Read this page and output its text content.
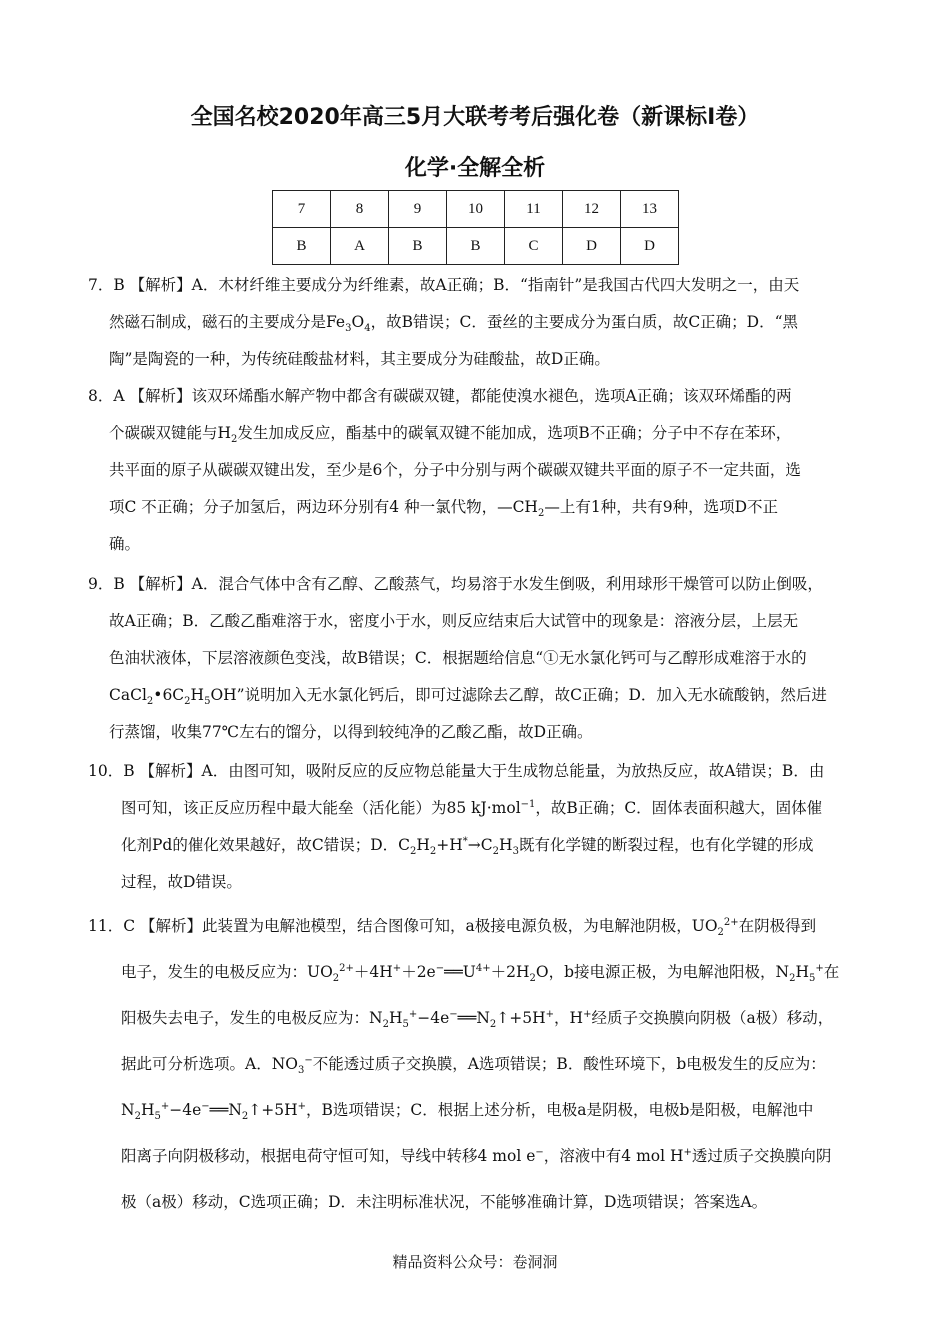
全国名校2020年高三5月大联考考后强化卷（新课标I卷）
化学·全解全析
7	8	9	10	11	12	13
B	A	B	B	C	D	D
7．B 【解析】A．木材纤维主要成分为纤维素，故A正确；B．“指南针”是我国古代四大发明之一，由天
然磁石制成，磁石的主要成分是$Fe_3O_4$，故B错误；C．蚕丝的主要成分为蛋白质，故C正确；D．“黑
陶”是陶瓷的一种，为传统硅酸盐材料，其主要成分为硅酸盐，故D正确。
8．A 【解析】该双环烯酯水解产物中都含有碳碳双键，都能使溴水褪色，选项A正确；该双环烯酯的两
个碳碳双键能与$H_2$发生加成反应，酯基中的碳氧双键不能加成，选项B不正确；分子中不存在苯环，
共平面的原子从碳碳双键出发，至少是6个，分子中分别与两个碳碳双键共平面的原子不一定共面，选
项C 不正确；分子加氢后，两边环分别有4 种一氯代物，$—CH_2—$上有1种，共有9种，选项D不正
确。
9．B 【解析】A．混合气体中含有乙醇、乙酸蒸气，均易溶于水发生倒吸，利用球形干燥管可以防止倒吸，
故A正确；B．乙酸乙酯难溶于水，密度小于水，则反应结束后大试管中的现象是：溶液分层，上层无
色油状液体，下层溶液颜色变浅，故B错误；C．根据题给信息“①无水氯化钙可与乙醇形成难溶于水的
$CaCl_2•6C_2H_5OH$”说明加入无水氯化钙后，即可过滤除去乙醇，故C正确；D．加入无水硫酸钠，然后进
行蒸馏，收集77℃左右的馏分，以得到较纯净的乙酸乙酯，故D正确。
10．B 【解析】A．由图可知，吸附反应的反应物总能量大于生成物总能量，为放热反应，故A错误；B．由
图可知，该正反应历程中最大能垒（活化能）为85 kJ·mol$^{-1}$，故B正确；C．固体表面积越大，固体催
化剂Pd的催化效果越好，故C错误；D．$C_2H_2+H^*\to C_2H_3$既有化学键的断裂过程，也有化学键的形成
过程，故D错误。
11．C 【解析】此装置为电解池模型，结合图像可知，a极接电源负极，为电解池阴极，$UO_2^{2+}$在阴极得到
电子，发生的电极反应为：$UO_2^{2+}+4H^++2e^-══U^{4+}+2H_2O$，b接电源正极，为电解池阳极，$N_2H_5^+$在
阳极失去电子，发生的电极反应为：$N_2H_5^+-4e^-══N_2↑+5H^+$，H+经质子交换膜向阴极（a极）移动，
据此可分析选项。A．$NO_3^-$不能透过质子交换膜，A选项错误；B．酸性环境下，b电极发生的反应为：
$N_2H_5^+-4e^-══N_2↑+5H^+$，B选项错误；C．根据上述分析，电极a是阴极，电极b是阳极，电解池中
阳离子向阴极移动，根据电荷守恒可知，导线中转移4 mol e−，溶液中有4 mol H+透过质子交换膜向阴
极（a极）移动，C选项正确；D．未注明标准状况，不能够准确计算，D选项错误；答案选A。
精品资料公众号：卷洞洞
